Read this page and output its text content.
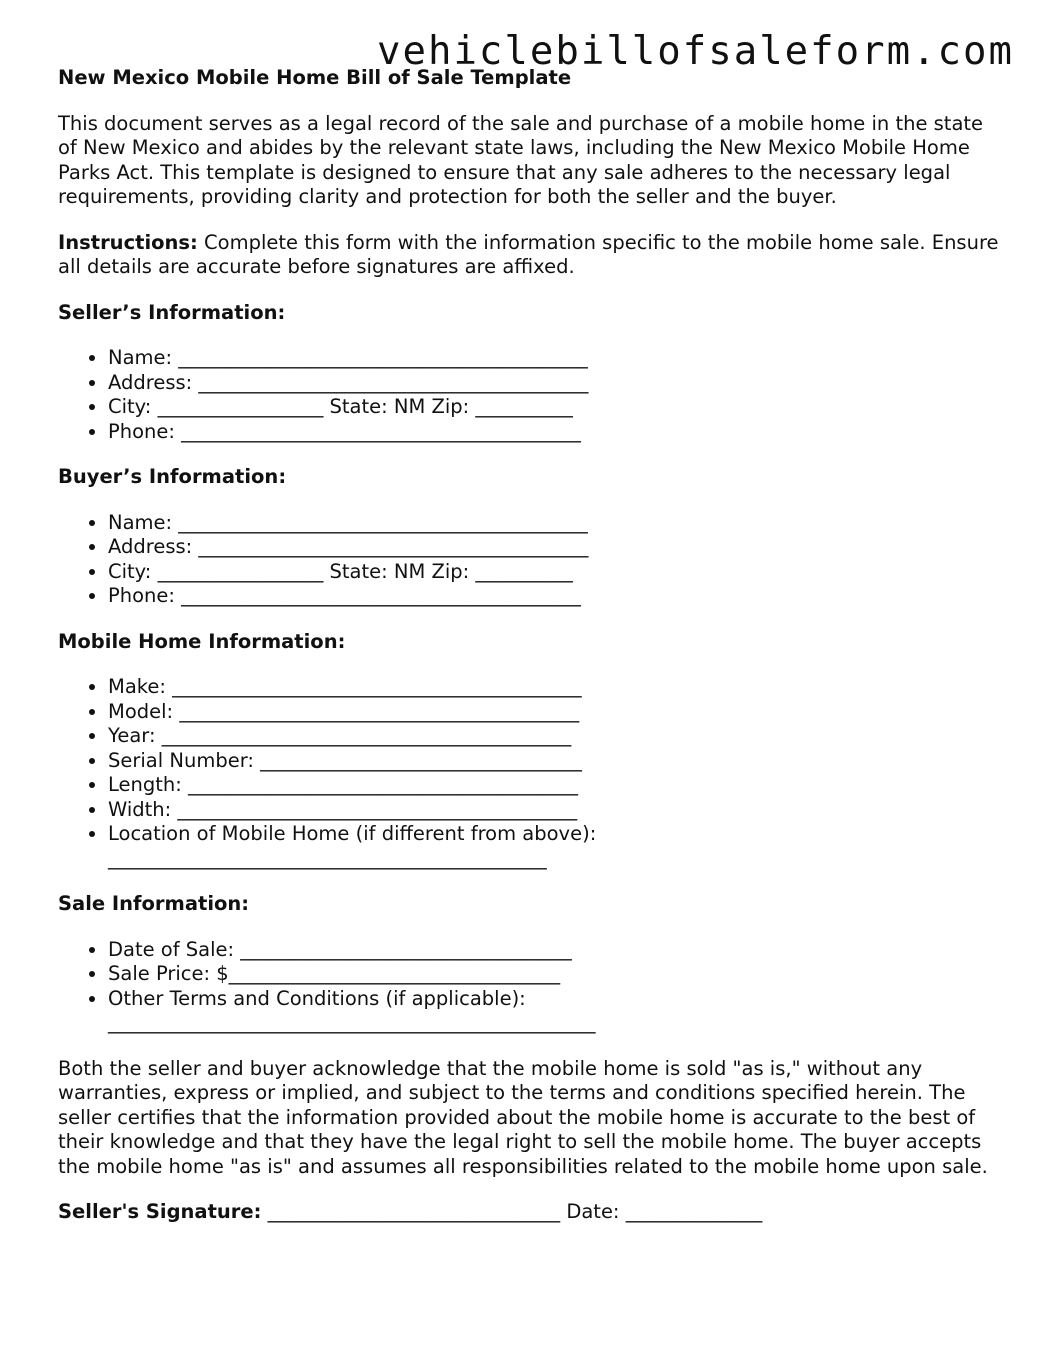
vehiclebillofsaleform.com
New Mexico Mobile Home Bill of Sale Template

This document serves as a legal record of the sale and purchase of a mobile home in the state of New Mexico and abides by the relevant state laws, including the New Mexico Mobile Home Parks Act. This template is designed to ensure that any sale adheres to the necessary legal requirements, providing clarity and protection for both the seller and the buyer.

Instructions: Complete this form with the information specific to the mobile home sale. Ensure all details are accurate before signatures are affixed.

Seller’s Information:
• Name: __________________________________________
• Address: ________________________________________
• City: _________________ State: NM Zip: __________
• Phone: _________________________________________
Buyer’s Information:
• Name: __________________________________________
• Address: ________________________________________
• City: _________________ State: NM Zip: __________
• Phone: _________________________________________
Mobile Home Information:
• Make: __________________________________________
• Model: _________________________________________
• Year: __________________________________________
• Serial Number: _________________________________
• Length: ________________________________________
• Width: _________________________________________
• Location of Mobile Home (if different from above):
_____________________________________________
Sale Information:
• Date of Sale: __________________________________
• Sale Price: $__________________________________
• Other Terms and Conditions (if applicable):
__________________________________________________

Both the seller and buyer acknowledge that the mobile home is sold "as is," without any warranties, express or implied, and subject to the terms and conditions specified herein. The seller certifies that the information provided about the mobile home is accurate to the best of their knowledge and that they have the legal right to sell the mobile home. The buyer accepts the mobile home "as is" and assumes all responsibilities related to the mobile home upon sale.

Seller's Signature: ______________________________ Date: ______________
